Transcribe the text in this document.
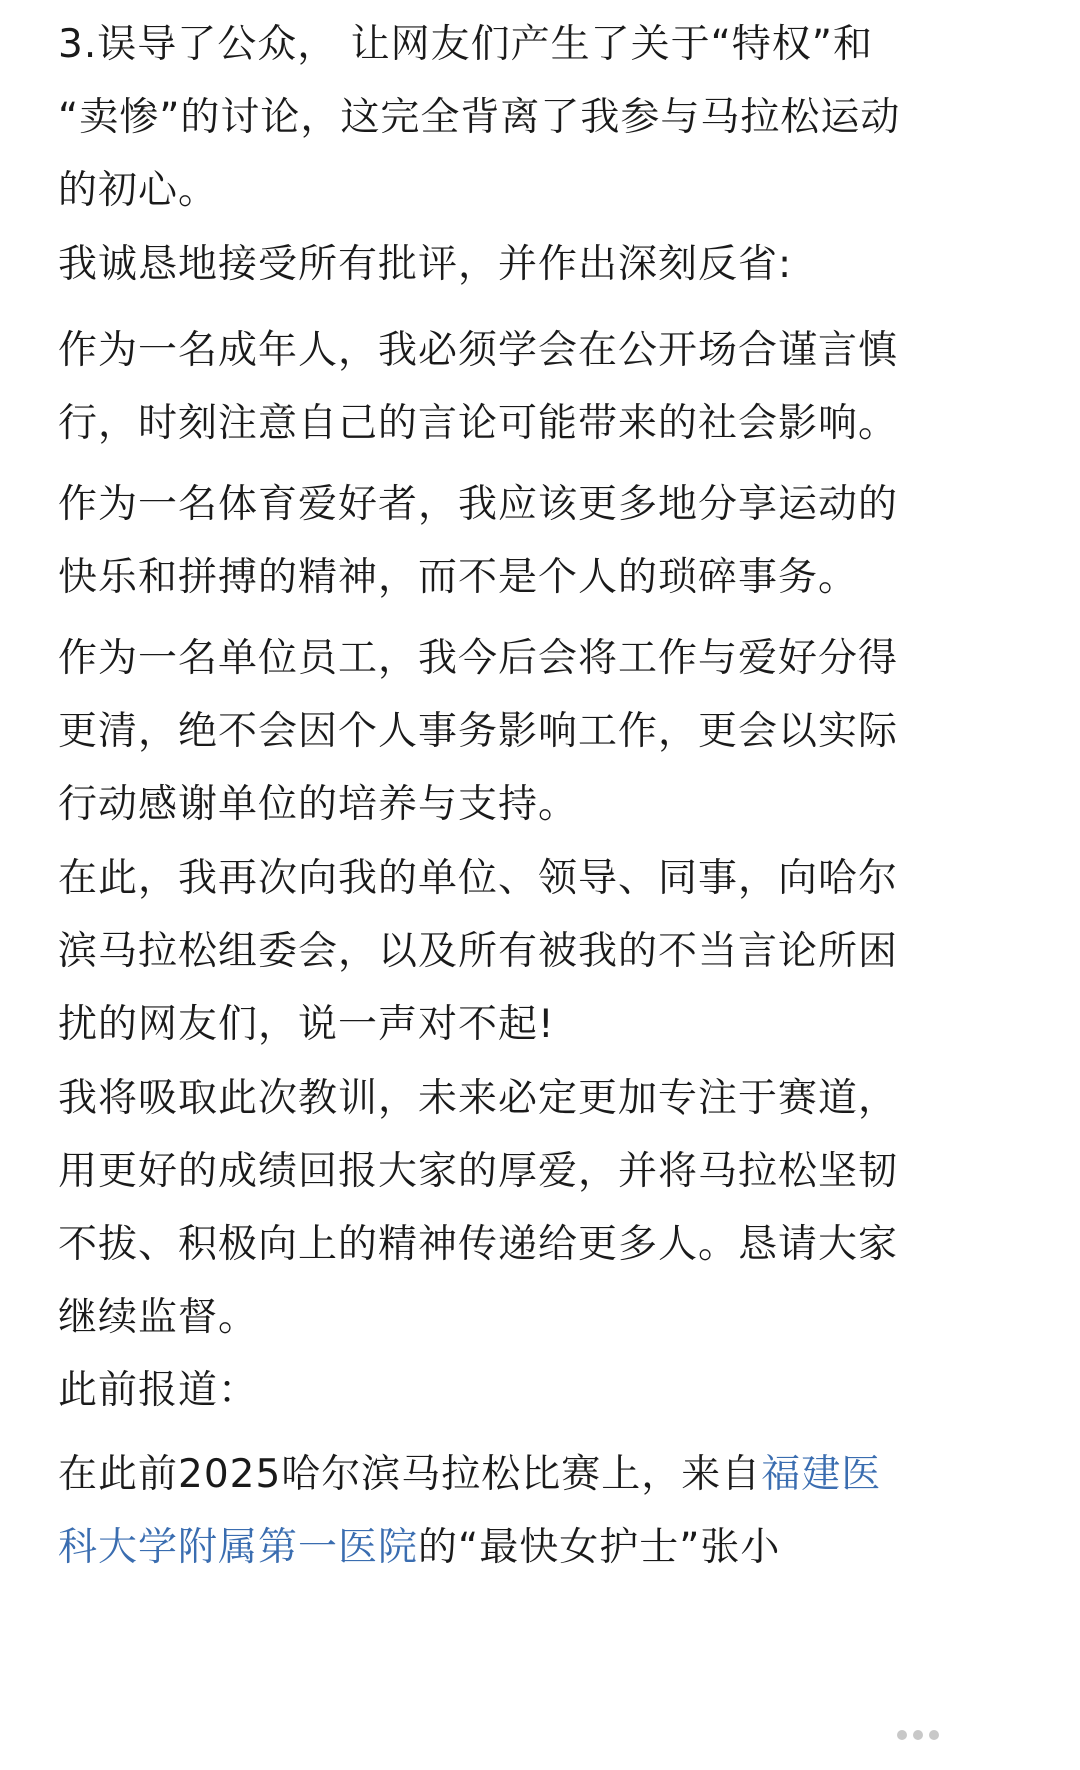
3.误导了公众， 让网友们产生了关于“特权”和
“卖惨”的讨论，这完全背离了我参与马拉松运动
的初心。

我诚恳地接受所有批评，并作出深刻反省:

作为一名成年人，我必须学会在公开场合谨言慎
行，时刻注意自己的言论可能带来的社会影响。

作为一名体育爱好者，我应该更多地分享运动的
快乐和拼搏的精神，而不是个人的琐碎事务。

作为一名单位员工，我今后会将工作与爱好分得
更清，绝不会因个人事务影响工作，更会以实际
行动感谢单位的培养与支持。

在此，我再次向我的单位、领导、同事，向哈尔
滨马拉松组委会，以及所有被我的不当言论所困
扰的网友们，说一声对不起!

我将吸取此次教训，未来必定更加专注于赛道，
用更好的成绩回报大家的厚爱，并将马拉松坚韧
不拔、积极向上的精神传递给更多人。恳请大家
继续监督。

此前报道：

在此前2025哈尔滨马拉松比赛上，来自福建医
科大学附属第一医院的“最快女护士”张小
